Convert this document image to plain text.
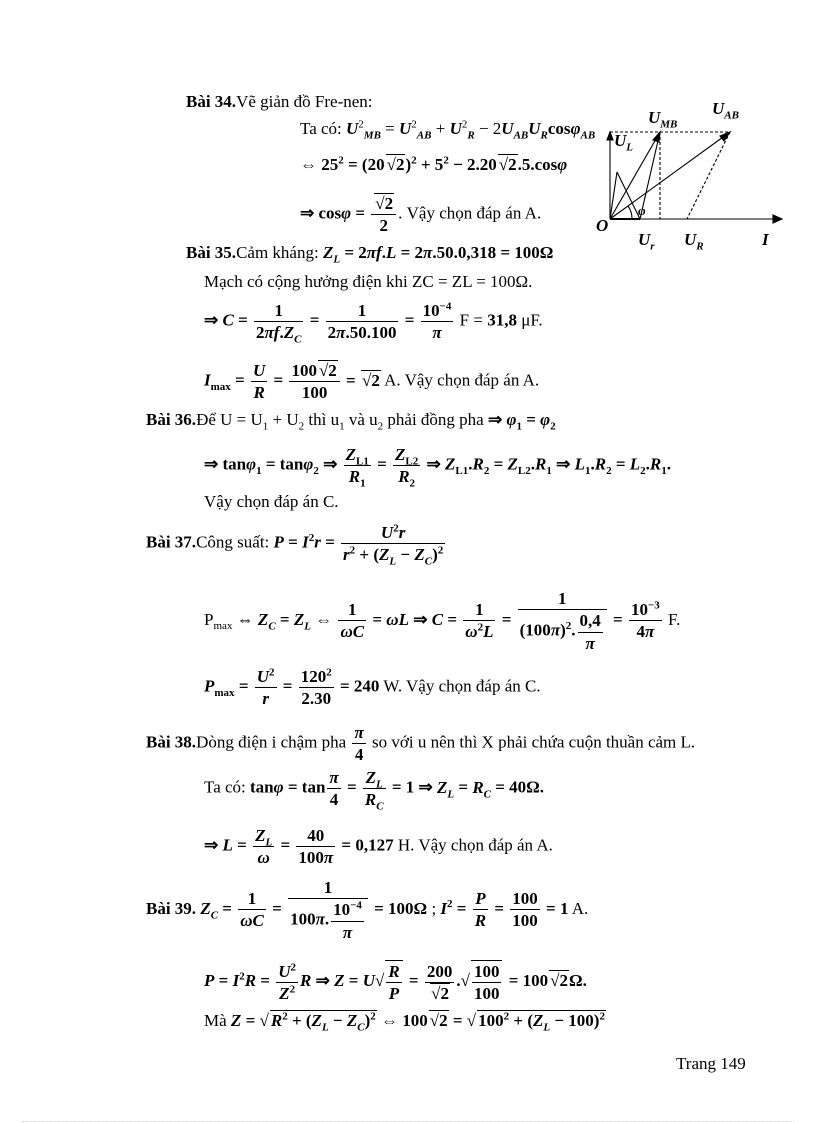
Bài 34.Vẽ giản đồ Fre-nen:
Ta có: $U^2_{MB} = U^2_{AB} + U^2_R - 2U_{AB}U_R\cos\varphi_{AB}$
⇔ $25^2 = (20$ $√2)^2 + 5^2 - 2.20$ √2.5.cosφ
⇒ $\cos\varphi = \frac{√2}{2}$ . Vậy chọn đáp án A.
$U_{MB}$
$U_{AB}$
$U_L$
φ
O
$U_r$ $U_R$	I
Bài 35.Cảm kháng: $Z_L = 2\pi f.L = 2\pi.50.0,318 = 100\Omega$
Mạch có cộng hưởng điện khi ZC = ZL = 100Ω.
⇒ $C = \frac{1}{2\pi f.Z_C} = \frac{1}{2\pi.50.100} = \frac{10^{-4}}{\pi}$ F = 31,8 μF.
$I_{max} = \frac{U}{R} = \frac{100 √2}{100} = √2$ A. Vậy chọn đáp án A.
Bài 36.Để $U = U_1 + U_2$ thì $u_1$ và $u_2$ phải đồng pha ⇒ $\varphi_1 = \varphi_2$
⇒ tanφ$_1$ = tanφ$_2$ ⇒ $\frac{Z_{L1}}{R_1} = \frac{Z_{L2}}{R_2}$ ⇒ $Z_{L1}.R_2 = Z_{L2}.R_1$ ⇒ $L_1.R_2 = L_2.R_1$.
Vậy chọn đáp án C.
Bài 37.Công suất: $P = I^2r = \frac{U^2r}{r^2 + (Z_L - Z_C)^2}$
$P_{max}$ ⇔ $Z_C = Z_L$ ⇔ $\frac{1}{\omega C} = \omega L$ ⇒ $C = \frac{1}{\omega^2L} = \frac{1}{(100\pi)^2. \frac{0,4}{\pi}} = \frac{10^{-3}}{4\pi} F$.
$P_{max} = \frac{U^2}{r} = \frac{120^2}{2.30} = 240$ W. Vậy chọn đáp án C.
Bài 38.Dòng điện i chậm pha $\frac{\pi}{4}$ so với u nên thì X phải chứa cuộn thuần cảm L.
Ta có: $\tan\varphi = \tan \frac{\pi}{4} = \frac{Z_L}{R_C} = 1$ ⇒ $Z_L = R_C = 40\Omega$.
⇒ $L = \frac{Z_L}{\omega} = \frac{40}{100\pi} = 0,127$ H. Vậy chọn đáp án A.
Bài 39. $Z_C = \frac{1}{\omega C} = \frac{1}{100\pi. \frac{10^{-4}}{\pi}} = 100\Omega$ ; $I^2 = \frac{P}{R} = \frac{100}{100} = 1$ A.
$P = I^2R = \frac{U^2}{Z^2}$ R ⇒ $Z = U√ \frac{R}{P} = \frac{200}{√2}$ .√ $\frac{100}{100} = 100$ √2Ω.
Mà Z = √ $R^2 + (Z_L - Z_C)^2$ ⇔ 100 √2 = √ $100^2 + (Z_L - 100)^2$
Trang 149
